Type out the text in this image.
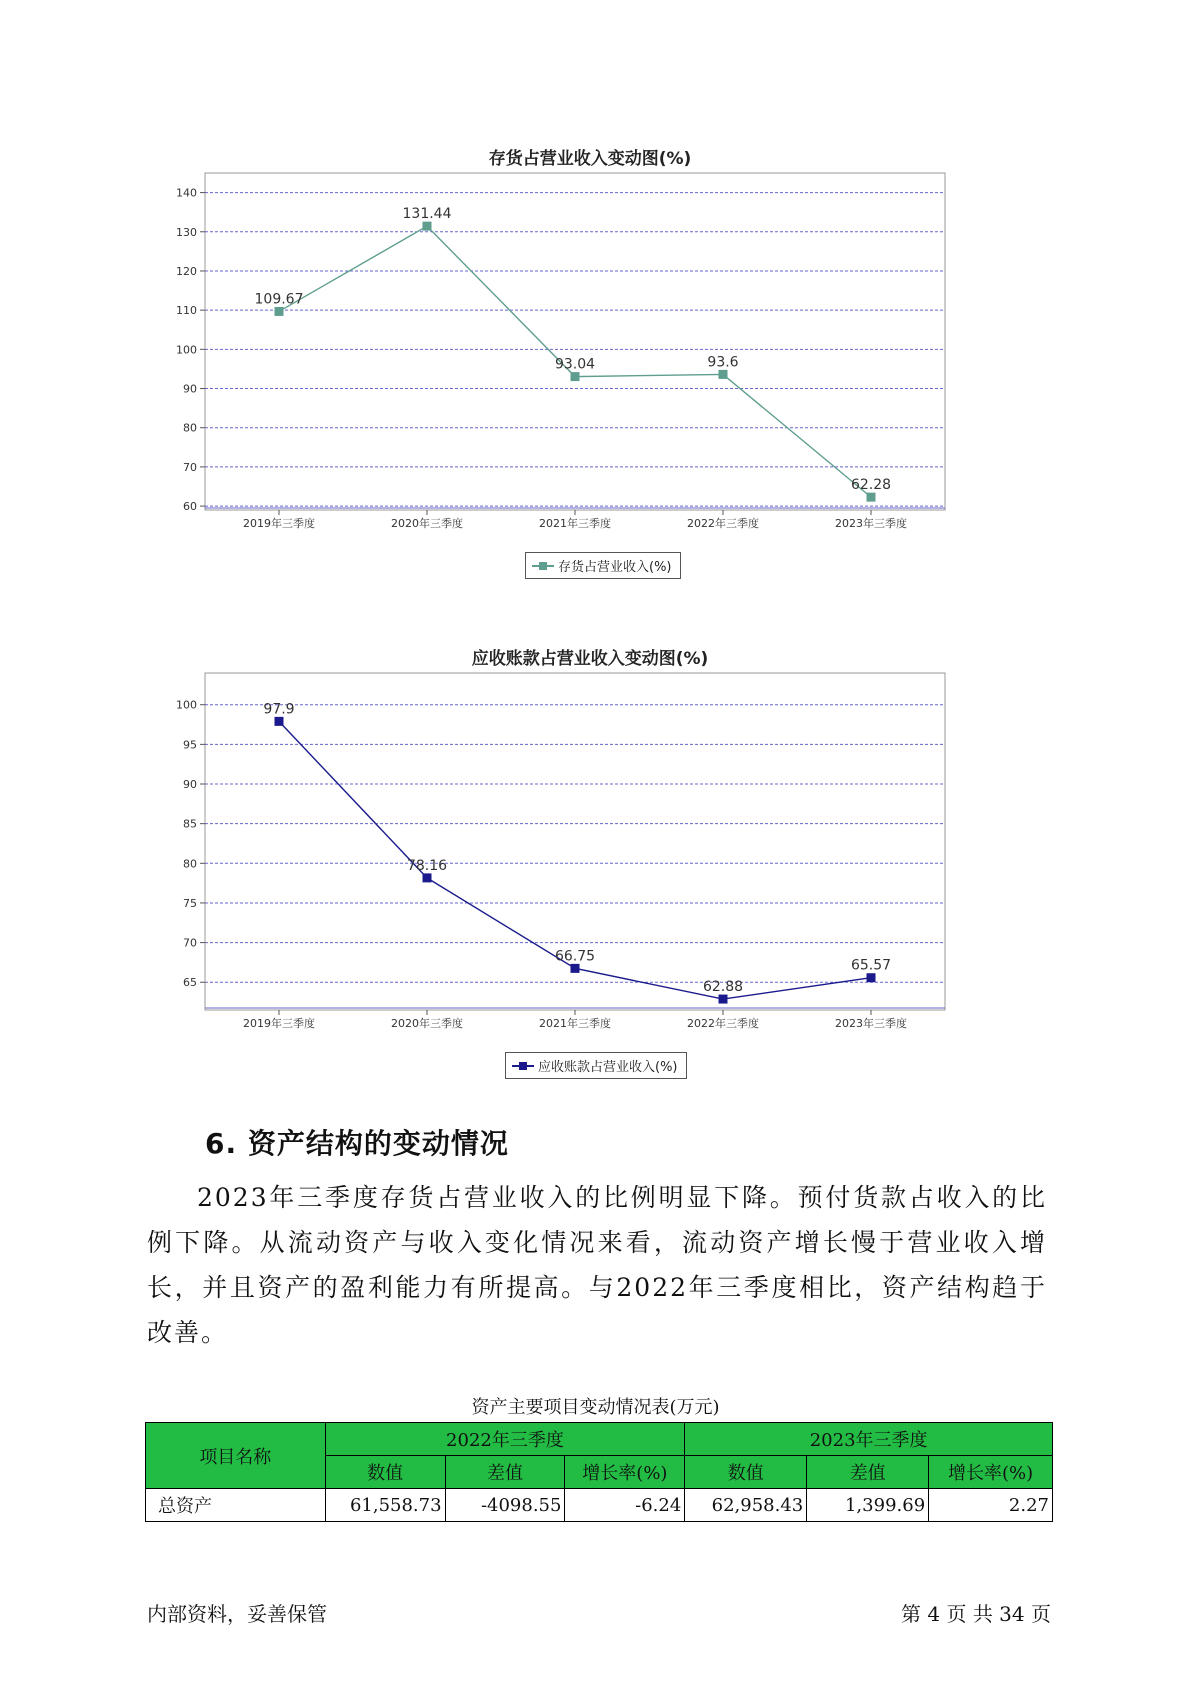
存货占营业收入变动图(%)
60
70
80
90
100
110
120
130
140
2019年三季度	2020年三季度	2021年三季度	2022年三季度	2023年三季度
109.67
131.44
93.04	93.6
62.28
存货占营业收入(%)
应收账款占营业收入变动图(%)
65
70
75
80
85
90
95
100
2019年三季度	2020年三季度	2021年三季度	2022年三季度	2023年三季度
97.9
78.16
66.75
62.88
65.57
应收账款占营业收入(%)
6. 资产结构的变动情况
2023年三季度存货占营业收入的比例明显下降。预付货款占收入的比例下降。从流动资产与收入变化情况来看，流动资产增长慢于营业收入增长，并且资产的盈利能力有所提高。与2022年三季度相比，资产结构趋于改善。
资产主要项目变动情况表(万元)
项目名称	2022年三季度			2023年三季度		
	数值	差值	增长率(%)	数值	差值	增长率(%)
总资产	61,558.73	-4098.55	-6.24	62,958.43	1,399.69	2.27
内部资料，妥善保管	第 4 页 共 34 页
